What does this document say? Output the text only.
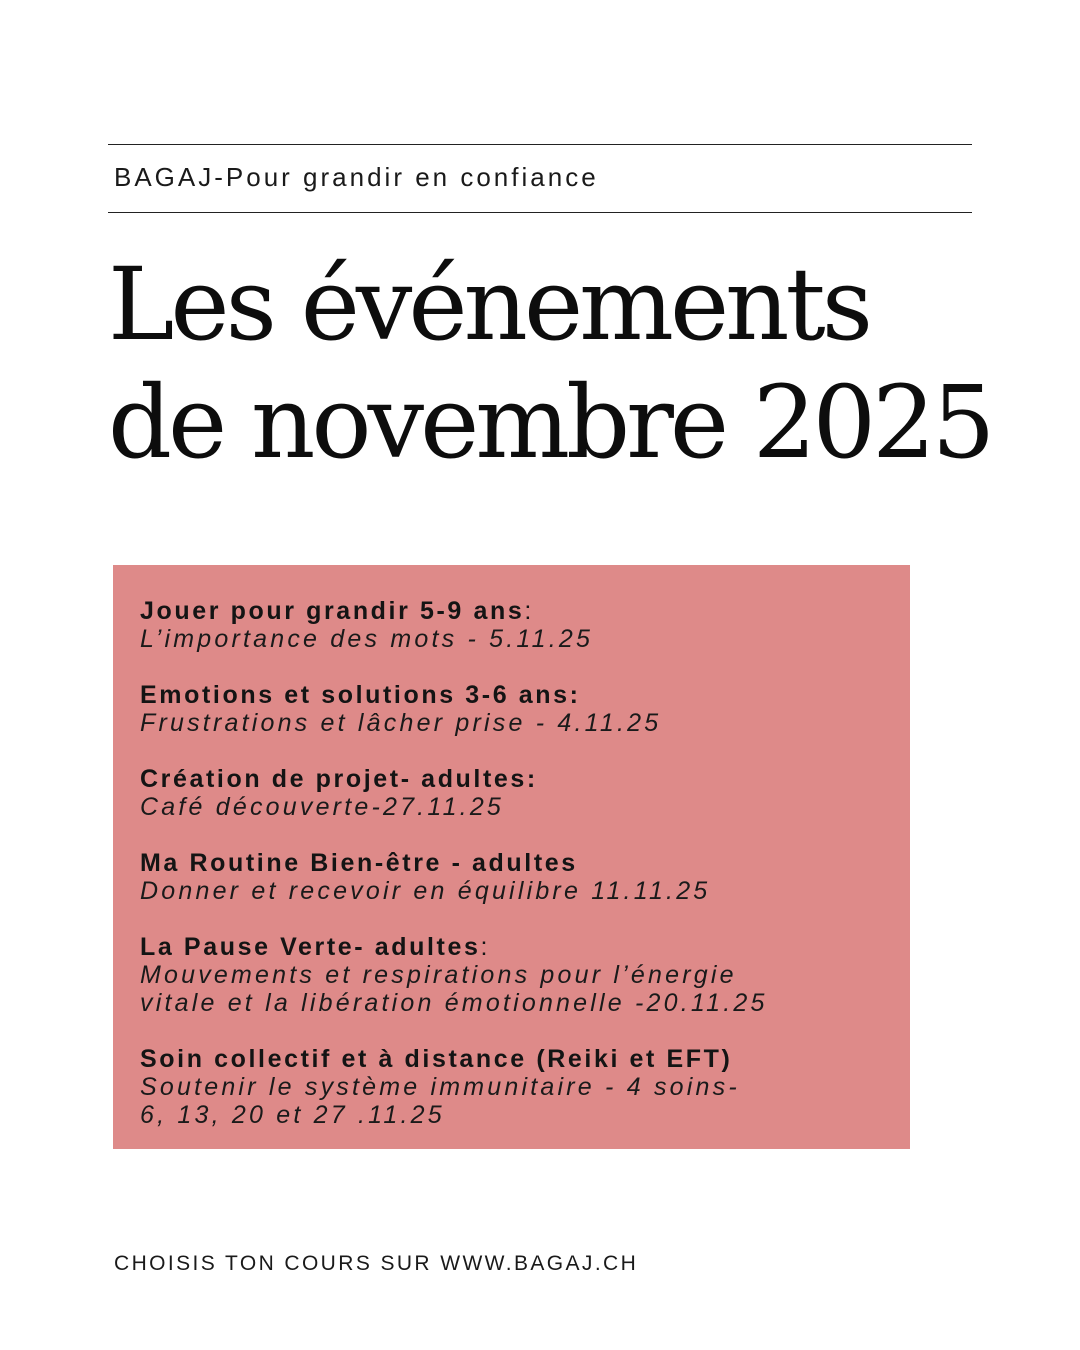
BAGAJ-Pour grandir en confiance
Les événements
de novembre 2025
Jouer pour grandir 5-9 ans:
L’importance des mots - 5.11.25
Emotions et solutions 3-6 ans:
Frustrations et lâcher prise - 4.11.25
Création de projet- adultes:
Café découverte-27.11.25
Ma Routine Bien-être - adultes
Donner et recevoir en équilibre 11.11.25
La Pause Verte- adultes:
Mouvements et respirations pour l’énergie
vitale et la libération émotionnelle -20.11.25
Soin collectif et à distance (Reiki et EFT)
Soutenir le système immunitaire - 4 soins-
6, 13, 20 et 27 .11.25
CHOISIS TON COURS SUR WWW.BAGAJ.CH
